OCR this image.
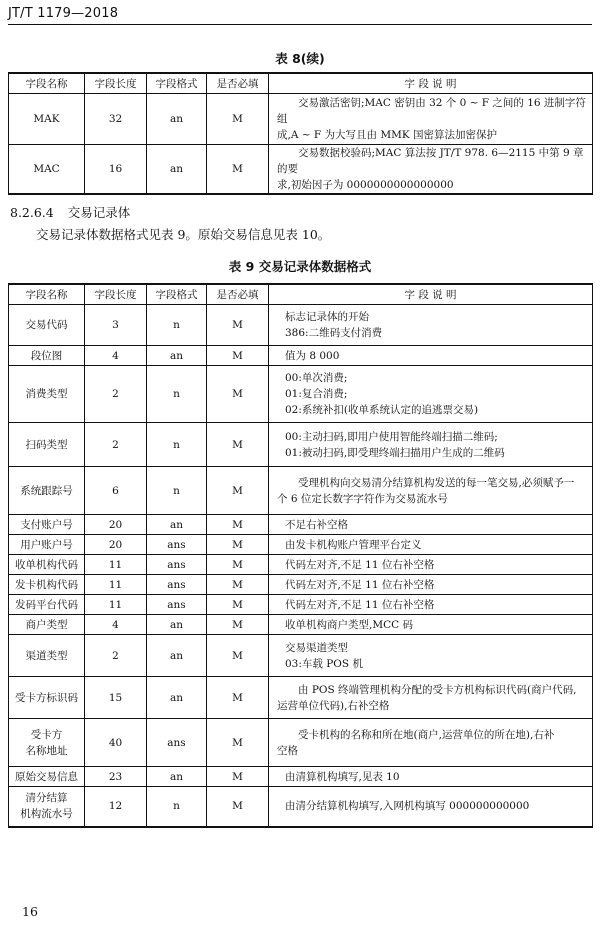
JT/T 1179—2018
表 8(续)
字段名称	字段长度	字段格式	是否必填	字 段 说 明

MAK	32	an	M	交易激活密钥;MAC 密钥由 32 个 0 ~ F 之间的 16 进制字符组
成,A ~ F 为大写且由 MMK 国密算法加密保护

MAC	16	an	M	交易数据校验码;MAC 算法按 JT/T 978. 6—2115 中第 9 章的要
求,初始因子为 0000000000000000
8.2.6.4 交易记录体
交易记录体数据格式见表 9。原始交易信息见表 10。
表 9 交易记录体数据格式
字段名称	字段长度	字段格式	是否必填	字 段 说 明

交易代码	3	n	M	标志记录体的开始
386:二维码支付消费

段位图	4	an	M	值为 8 000

消费类型	2	n	M	00:单次消费;
01:复合消费;
02:系统补扣(收单系统认定的追逃票交易)

扫码类型	2	n	M	00:主动扫码,即用户使用智能终端扫描二维码;
01:被动扫码,即受理终端扫描用户生成的二维码

系统跟踪号	6	n	M	受理机构向交易清分结算机构发送的每一笔交易,必须赋予一
个 6 位定长数字字符作为交易流水号

支付账户号	20	an	M	不足右补空格

用户账户号	20	ans	M	由发卡机构账户管理平台定义

收单机构代码	11	ans	M	代码左对齐,不足 11 位右补空格

发卡机构代码	11	ans	M	代码左对齐,不足 11 位右补空格

发码平台代码	11	ans	M	代码左对齐,不足 11 位右补空格

商户类型	4	an	M	收单机构商户类型,MCC 码

渠道类型	2	an	M	交易渠道类型
03:车载 POS 机

受卡方标识码	15	an	M	由 POS 终端管理机构分配的受卡方机构标识代码(商户代码,
运营单位代码),右补空格

受卡方
名称地址	40	ans	M	受卡机构的名称和所在地(商户,运营单位的所在地),右补
空格

原始交易信息	23	an	M	由清算机构填写,见表 10

清分结算
机构流水号	12	n	M	由清分结算机构填写,入网机构填写 000000000000
16
